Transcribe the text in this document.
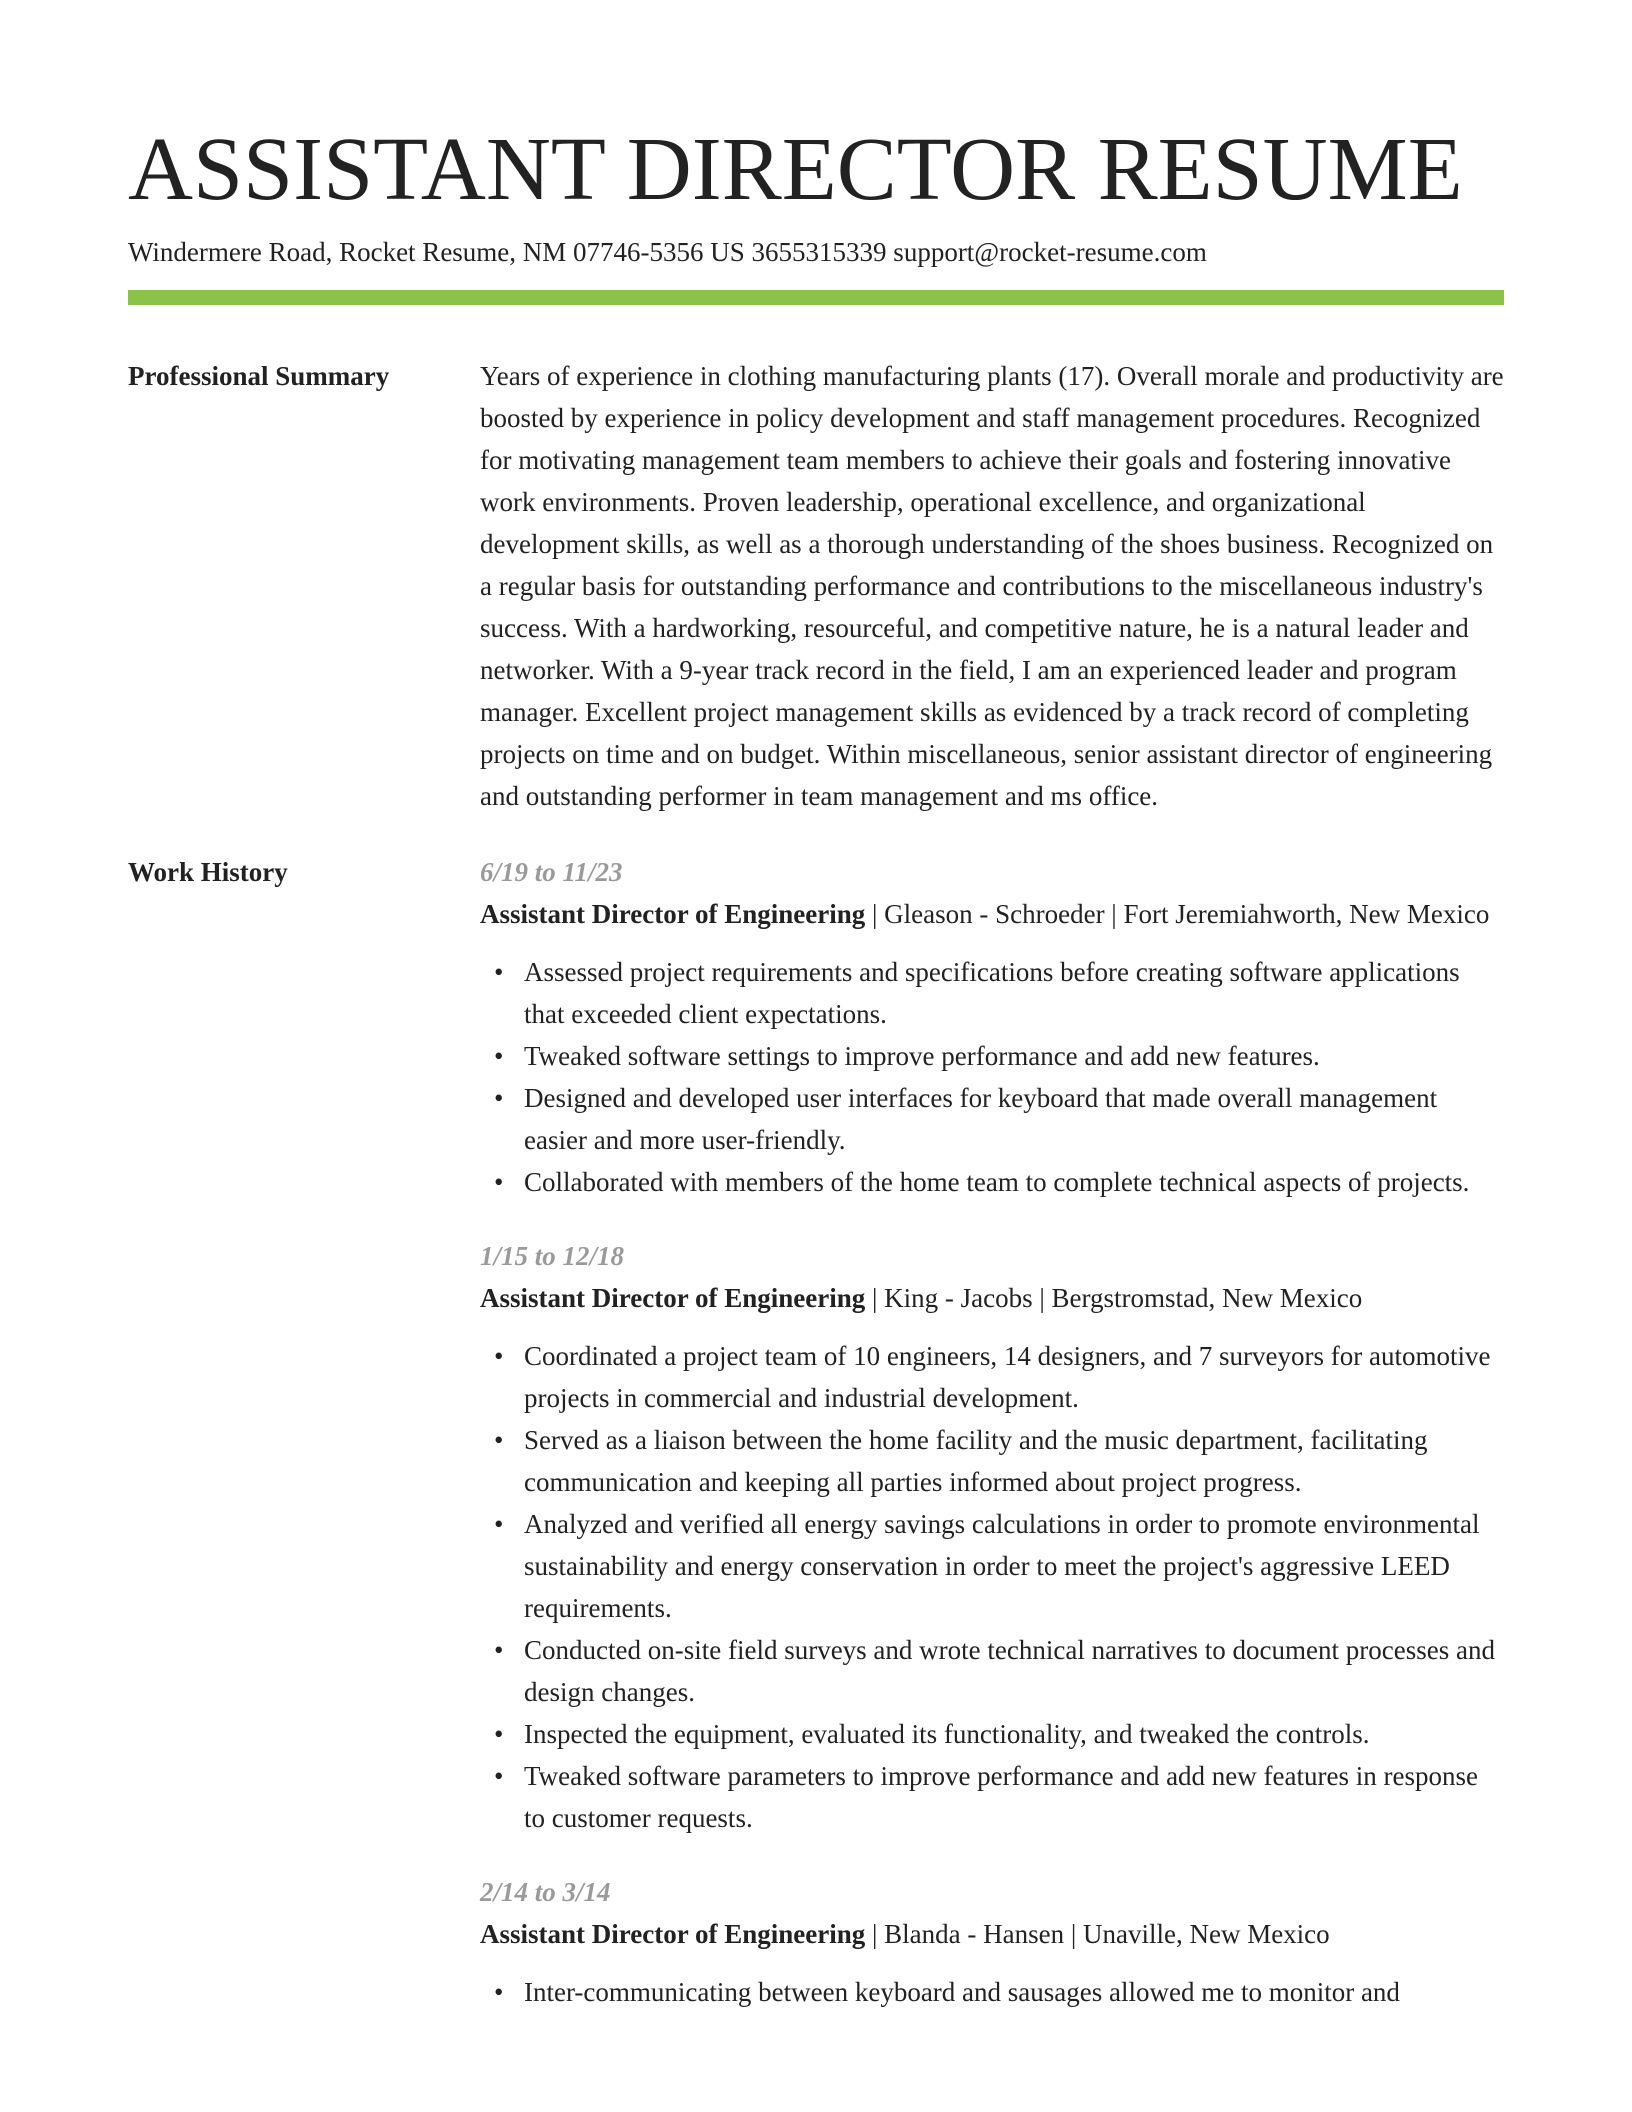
ASSISTANT DIRECTOR RESUME
Windermere Road, Rocket Resume, NM 07746-5356 US 3655315339 support@rocket-resume.com
Professional Summary	Years of experience in clothing manufacturing plants (17). Overall morale and productivity are boosted by experience in policy development and staff management procedures. Recognized for motivating management team members to achieve their goals and fostering innovative work environments. Proven leadership, operational excellence, and organizational development skills, as well as a thorough understanding of the shoes business. Recognized on a regular basis for outstanding performance and contributions to the miscellaneous industry's success. With a hardworking, resourceful, and competitive nature, he is a natural leader and networker. With a 9-year track record in the field, I am an experienced leader and program manager. Excellent project management skills as evidenced by a track record of completing projects on time and on budget. Within miscellaneous, senior assistant director of engineering and outstanding performer in team management and ms office.

Work History	6/19 to 11/23
Assistant Director of Engineering | Gleason - Schroeder | Fort Jeremiahworth, New Mexico
• Assessed project requirements and specifications before creating software applications that exceeded client expectations.
• Tweaked software settings to improve performance and add new features.
• Designed and developed user interfaces for keyboard that made overall management easier and more user-friendly.
• Collaborated with members of the home team to complete technical aspects of projects.
1/15 to 12/18
Assistant Director of Engineering | King - Jacobs | Bergstromstad, New Mexico
• Coordinated a project team of 10 engineers, 14 designers, and 7 surveyors for automotive projects in commercial and industrial development.
• Served as a liaison between the home facility and the music department, facilitating communication and keeping all parties informed about project progress.
• Analyzed and verified all energy savings calculations in order to promote environmental sustainability and energy conservation in order to meet the project's aggressive LEED requirements.
• Conducted on-site field surveys and wrote technical narratives to document processes and design changes.
• Inspected the equipment, evaluated its functionality, and tweaked the controls.
• Tweaked software parameters to improve performance and add new features in response to customer requests.
2/14 to 3/14
Assistant Director of Engineering | Blanda - Hansen | Unaville, New Mexico
• Inter-communicating between keyboard and sausages allowed me to monitor and
